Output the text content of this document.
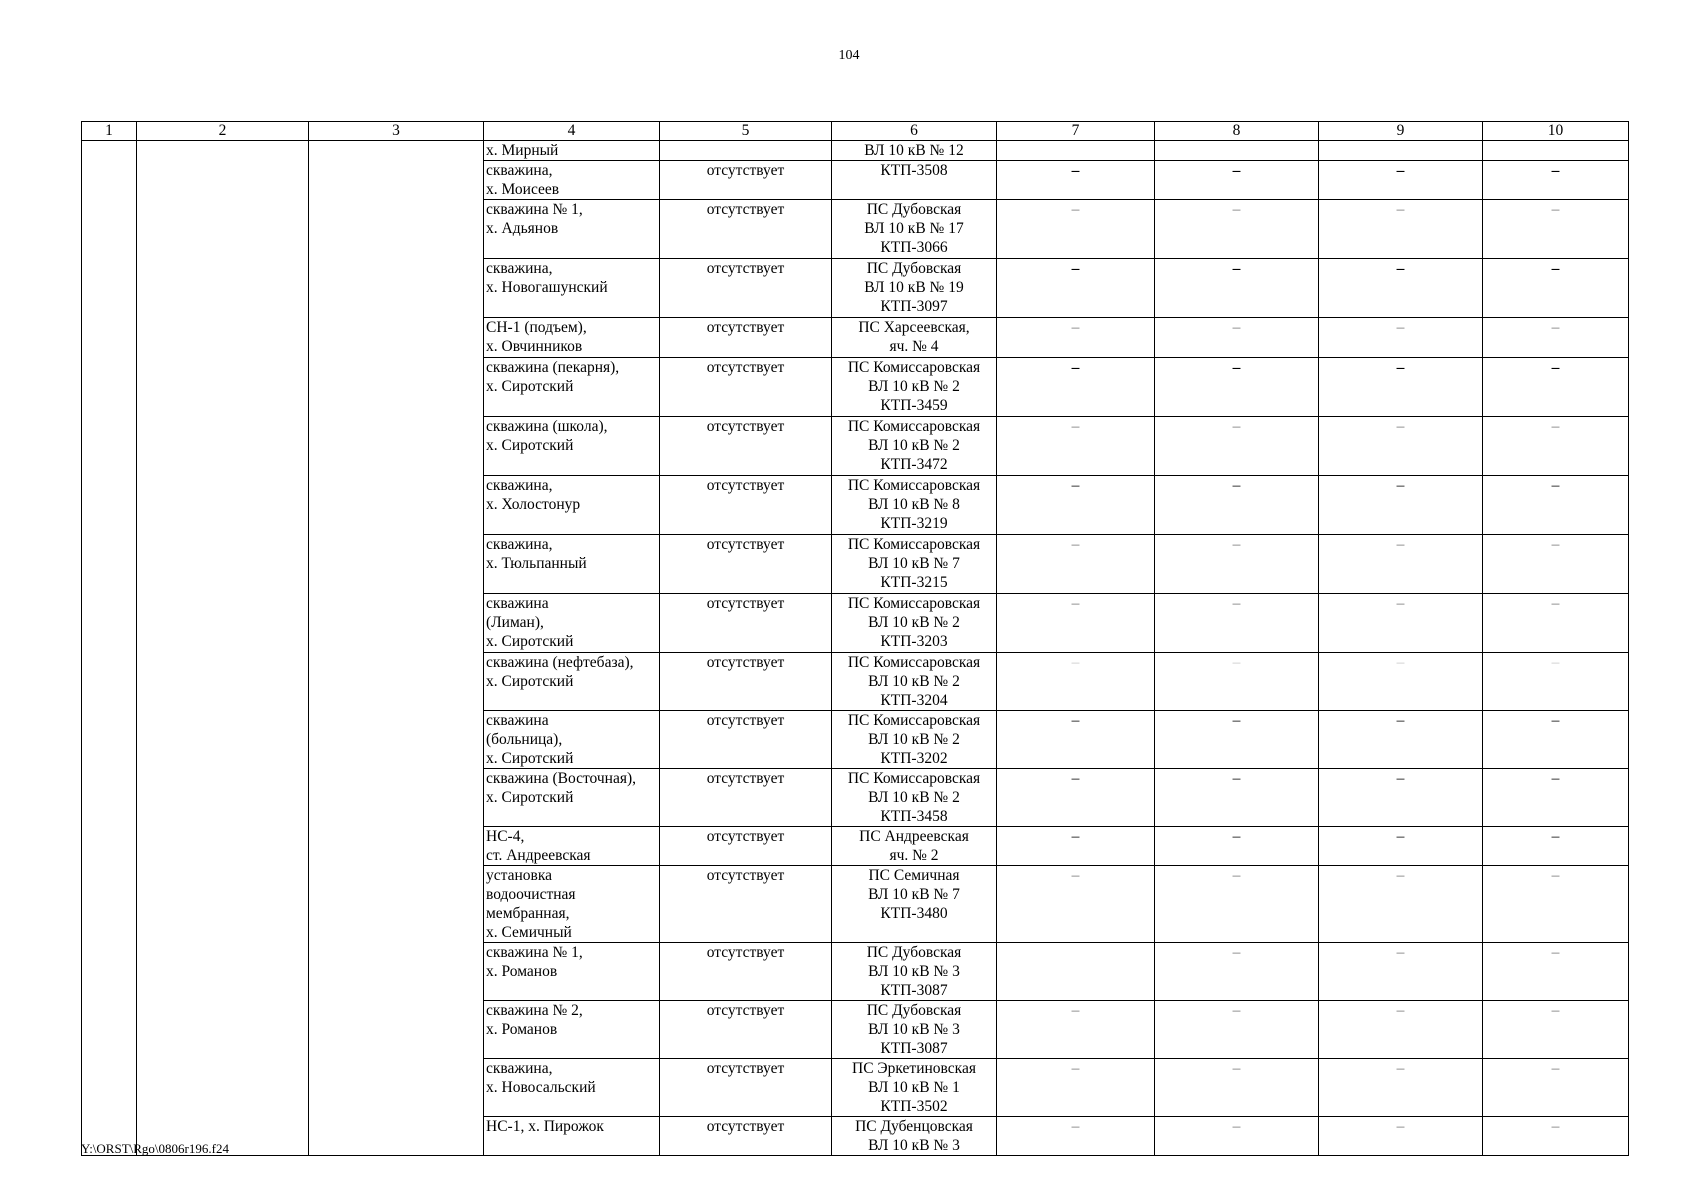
104
1	2	3	4	5	6	7	8	9	10
			х. Мирный		ВЛ 10 кВ № 12				
			скважина,
х. Моисеев	отсутствует	КТП-3508	–	–	–	–
			скважина № 1,
х. Адьянов	отсутствует	ПС Дубовская
ВЛ 10 кВ № 17
КТП-3066	–	–	–	–
			скважина,
х. Новогашунский	отсутствует	ПС Дубовская
ВЛ 10 кВ № 19
КТП-3097	–	–	–	–
			СН-1 (подъем),
х. Овчинников	отсутствует	ПС Харсеевская,
яч. № 4	–	–	–	–
			скважина (пекарня),
х. Сиротский	отсутствует	ПС Комиссаровская
ВЛ 10 кВ № 2
КТП-3459	–	–	–	–
			скважина (школа),
х. Сиротский	отсутствует	ПС Комиссаровская
ВЛ 10 кВ № 2
КТП-3472	–	–	–	–
			скважина,
х. Холостонур	отсутствует	ПС Комиссаровская
ВЛ 10 кВ № 8
КТП-3219	–	–	–	–
			скважина,
х. Тюльпанный	отсутствует	ПС Комиссаровская
ВЛ 10 кВ № 7
КТП-3215	–	–	–	–
			скважина
(Лиман),
х. Сиротский	отсутствует	ПС Комиссаровская
ВЛ 10 кВ № 2
КТП-3203	–	–	–	–
			скважина (нефтебаза),
х. Сиротский	отсутствует	ПС Комиссаровская
ВЛ 10 кВ № 2
КТП-3204	–	–	–	–
			скважина
(больница),
х. Сиротский	отсутствует	ПС Комиссаровская
ВЛ 10 кВ № 2
КТП-3202	–	–	–	–
			скважина (Восточная),
х. Сиротский	отсутствует	ПС Комиссаровская
ВЛ 10 кВ № 2
КТП-3458	–	–	–	–
			НС-4,
ст. Андреевская	отсутствует	ПС Андреевская
яч. № 2	–	–	–	–
			установка
водоочистная
мембранная,
х. Семичный	отсутствует	ПС Семичная
ВЛ 10 кВ № 7
КТП-3480	–	–	–	–
			скважина № 1,
х. Романов	отсутствует	ПС Дубовская
ВЛ 10 кВ № 3
КТП-3087		–	–	–
			скважина № 2,
х. Романов	отсутствует	ПС Дубовская
ВЛ 10 кВ № 3
КТП-3087	–	–	–	–
			скважина,
х. Новосальский	отсутствует	ПС Эркетиновская
ВЛ 10 кВ № 1
КТП-3502	–	–	–	–
			НС-1, х. Пирожок	отсутствует	ПС Дубенцовская
ВЛ 10 кВ № 3	–	–	–	–
Y:\ORST\Rgo\0806r196.f24
